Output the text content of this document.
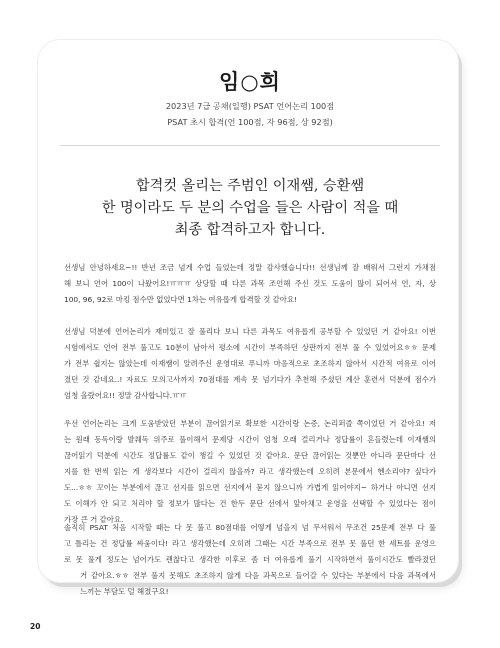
임○희
2023년 7급 공채(일행) PSAT 언어논리 100점
PSAT 초시 합격(언 100점, 자 96점, 상 92점)
합격컷 올리는 주범인 이재쌤, 승환쌤
한 명이라도 두 분의 수업을 들은 사람이 적을 때
최종 합격하고자 합니다.
선생님 안녕하세요~!! 반년 조금 넘게 수업 들었는데 정말 감사했습니다!! 선생님께 잘 배워서 그런지 가채점
해 보니 언어 100이 나왔어요!ㅠㅠㅠ 상당할 때 다른 과목 조언해 주신 것도 도움이 많이 되어서 언, 자, 상
100, 96, 92로 마킹 점수만 없었다면 1차는 여유롭게 합격할 것 같아요!
선생님 덕분에 언어논리가 재미있고 잘 풀리다 보니 다른 과목도 여유롭게 공부할 수 있었던 거 같아요! 이번
시험에서도 언어 전부 풀고도 10분이 남아서 평소에 시간이 부족하던 상판까지 전부 풀 수 있었어요ㅎㅎ 문제
가 전부 쉽지는 않았는데 이재쌤이 알려주신 운영대로 푸니까 마음적으로 초조하지 않아서 시간적 여유로 이어
졌던 것 같네요..! 자료도 모의고사까지 70점대를 계속 못 넘기다가 추천해 주셨던 계산 훈련서 덕분에 점수가
엄청 올랐어요!! 정말 감사합니다.ㅠㅠ
우선 언어논리는 크게 도움받았던 부분이 끊어읽기로 확보한 시간이랑 논증, 논리퍼즐 쪽이었던 거 같아요! 저
는 원래 동독이랑 발췌독 위주로 풀이해서 문제당 시간이 엄청 오래 걸리거나 정답률이 흔들렸는데 이재쌤의
끊어읽기 덕분에 시간도 정답률도 같이 챙길 수 있었던 것 같아요. 문단 끊어읽는 것뿐만 아니라 문단마다 선
지를 한 번씩 읽는 게 생각보다 시간이 걸리지 않을까? 라고 생각했는데 오히려 본문에서 헨소리야? 싶다가
도...ㅎㅎ 꼬이는 부분에서 끊고 선지를 읽으면 선지에서 묻지 않으니까 가볍게 읽어야지~ 하거나 아니면 선지
도 이해가 안 되고 처리야 할 정보가 많다는 건 한두 문단 선에서 앞아채고 운영을 선택할 수 있었다는 점이
가장 큰 거 같아요.
솔직히 PSAT 처음 시작할 때는 다 못 풀고 80점대를 어떻게 넘을지 넘 무서워서 무조건 25문제 전부 다 풀
고 틀리는 건 정답률 싸움이다! 라고 생각했는데 오히려 그때는 시간 부족으로 전부 못 풀던 한 세트를 운영으
로 못 풀게 정도는 넘어가도 괜찮다고 생각한 이후로 좀 더 여유롭게 풀기 시작하면서 풀이시간도 빨라졌던
거 같아요.ㅎㅎ 전부 풀지 못해도 초조하지 않게 다음 과목으로 들어갈 수 있다는 부분에서 다음 과목에서
느끼는 부담도 덜 해졌구요!
20
